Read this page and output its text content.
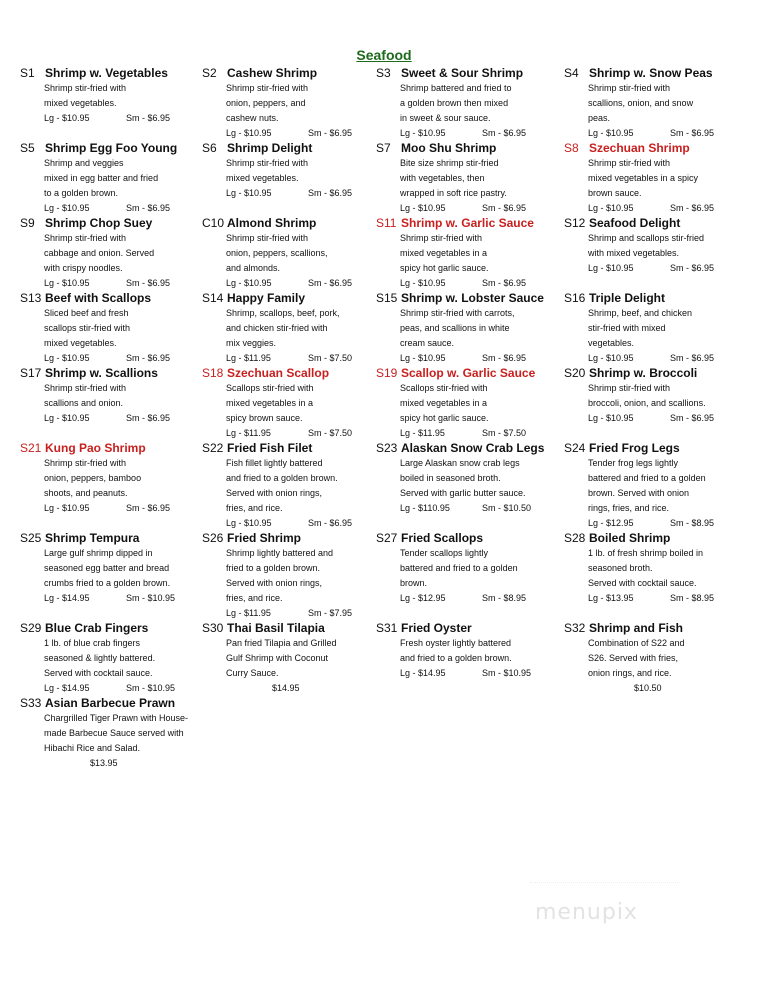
Seafood
S1 Shrimp w. Vegetables
Shrimp stir-fried with
mixed vegetables.
Lg - $10.95	Sm - $6.95
S2 Cashew Shrimp
Shrimp stir-fried with
onion, peppers, and
cashew nuts.
Lg - $10.95	Sm - $6.95
S3 Sweet & Sour Shrimp
Shrimp battered and fried to
a golden brown then mixed
in sweet & sour sauce.
Lg - $10.95	Sm - $6.95
S4 Shrimp w. Snow Peas
Shrimp stir-fried with
scallions, onion, and snow
peas.
Lg - $10.95	Sm - $6.95
S5 Shrimp Egg Foo Young
Shrimp and veggies
mixed in egg batter and fried
to a golden brown.
Lg - $10.95	Sm - $6.95
S6 Shrimp Delight
Shrimp stir-fried with
mixed vegetables.
Lg - $10.95	Sm - $6.95
S7 Moo Shu Shrimp
Bite size shrimp stir-fried
with vegetables, then
wrapped in soft rice pastry.
Lg - $10.95	Sm - $6.95
S8 Szechuan Shrimp
Shrimp stir-fried with
mixed vegetables in a spicy
brown sauce.
Lg - $10.95	Sm - $6.95
S9 Shrimp Chop Suey
Shrimp stir-fried with
cabbage and onion. Served
with crispy noodles.
Lg - $10.95	Sm - $6.95
C10 Almond Shrimp
Shrimp stir-fried with
onion, peppers, scallions,
and almonds.
Lg - $10.95	Sm - $6.95
S11 Shrimp w. Garlic Sauce
Shrimp stir-fried with
mixed vegetables in a
spicy hot garlic sauce.
Lg - $10.95	Sm - $6.95
S12 Seafood Delight
Shrimp and scallops stir-fried
with mixed vegetables.
Lg - $10.95	Sm - $6.95
S13 Beef with Scallops
Sliced beef and fresh
scallops stir-fried with
mixed vegetables.
Lg - $10.95	Sm - $6.95
S14 Happy Family
Shrimp, scallops, beef, pork,
and chicken stir-fried with
mix veggies.
Lg - $11.95	Sm - $7.50
S15 Shrimp w. Lobster Sauce
Shrimp stir-fried with carrots,
peas, and scallions in white
cream sauce.
Lg - $10.95	Sm - $6.95
S16 Triple Delight
Shrimp, beef, and chicken
stir-fried with mixed
vegetables.
Lg - $10.95	Sm - $6.95
S17 Shrimp w. Scallions
Shrimp stir-fried with
scallions and onion.
Lg - $10.95	Sm - $6.95
S18 Szechuan Scallop
Scallops stir-fried with
mixed vegetables in a
spicy brown sauce.
Lg - $11.95	Sm - $7.50
S19 Scallop w. Garlic Sauce
Scallops stir-fried with
mixed vegetables in a
spicy hot garlic sauce.
Lg - $11.95	Sm - $7.50
S20 Shrimp w. Broccoli
Shrimp stir-fried with
broccoli, onion, and scallions.
Lg - $10.95	Sm - $6.95
S21 Kung Pao Shrimp
Shrimp stir-fried with
onion, peppers, bamboo
shoots, and peanuts.
Lg - $10.95	Sm - $6.95
S22 Fried Fish Filet
Fish fillet lightly battered
and fried to a golden brown.
Served with onion rings,
fries, and rice.
Lg - $10.95	Sm - $6.95
S23 Alaskan Snow Crab Legs
Large Alaskan snow crab legs
boiled in seasoned broth.
Served with garlic butter sauce.
Lg - $110.95	Sm - $10.50
S24 Fried Frog Legs
Tender frog legs lightly
battered and fried to a golden
brown. Served with onion
rings, fries, and rice.
Lg - $12.95	Sm - $8.95
S25 Shrimp Tempura
Large gulf shrimp dipped in
seasoned egg batter and bread
crumbs fried to a golden brown.
Lg - $14.95	Sm - $10.95
S26 Fried Shrimp
Shrimp lightly battered and
fried to a golden brown.
Served with onion rings,
fries, and rice.
Lg - $11.95	Sm - $7.95
S27 Fried Scallops
Tender scallops lightly
battered and fried to a golden
brown.
Lg - $12.95	Sm - $8.95
S28 Boiled Shrimp
1 lb. of fresh shrimp boiled in
seasoned broth.
Served with cocktail sauce.
Lg - $13.95	Sm - $8.95
S29 Blue Crab Fingers
1 lb. of blue crab fingers
seasoned & lightly battered.
Served with cocktail sauce.
Lg - $14.95	Sm - $10.95
S30 Thai Basil Tilapia
Pan fried Tilapia and Grilled
Gulf Shrimp with Coconut
Curry Sauce.
$14.95
S31 Fried Oyster
Fresh oyster lightly battered
and fried to a golden brown.
Lg - $14.95	Sm - $10.95
S32 Shrimp and Fish
Combination of S22 and
S26. Served with fries,
onion rings, and rice.
$10.50
S33 Asian Barbecue Prawn
Chargrilled Tiger Prawn with House-
made Barbecue Sauce served with
Hibachi Rice and Salad.
$13.95
menupix
